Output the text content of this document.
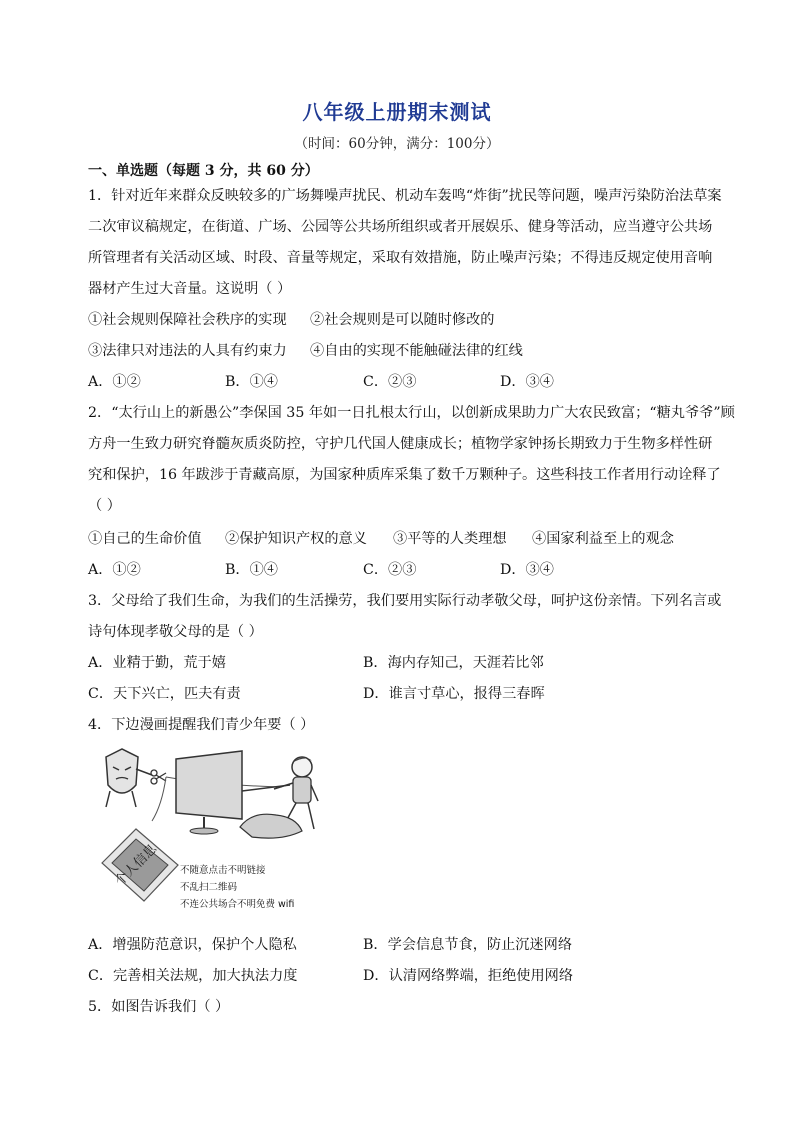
八年级上册期末测试
（时间：60分钟，满分：100分）
一、单选题（每题 3 分，共 60 分）
1．针对近年来群众反映较多的广场舞噪声扰民、机动车轰鸣“炸街”扰民等问题，噪声污染防治法草案
二次审议稿规定，在街道、广场、公园等公共场所组织或者开展娱乐、健身等活动，应当遵守公共场
所管理者有关活动区域、时段、音量等规定，采取有效措施，防止噪声污染；不得违反规定使用音响
器材产生过大音量。这说明（ ）
①社会规则保障社会秩序的实现 ②社会规则是可以随时修改的
③法律只对违法的人具有约束力 ④自由的实现不能触碰法律的红线
A．①②	B．①④	C．②③	D．③④
2．“太行山上的新愚公”李保国 35 年如一日扎根太行山，以创新成果助力广大农民致富；“糖丸爷爷”顾
方舟一生致力研究脊髓灰质炎防控，守护几代国人健康成长；植物学家钟扬长期致力于生物多样性研
究和保护，16 年跋涉于青藏高原，为国家种质库采集了数千万颗种子。这些科技工作者用行动诠释了
（ ）
①自己的生命价值 ②保护知识产权的意义 ③平等的人类理想 ④国家利益至上的观念
A．①②	B．①④	C．②③	D．③④
3．父母给了我们生命，为我们的生活操劳，我们要用实际行动孝敬父母，呵护这份亲情。下列名言或
诗句体现孝敬父母的是（ ）
A．业精于勤，荒于嬉	B．海内存知己，天涯若比邻
C．天下兴亡，匹夫有责	D．谁言寸草心，报得三春晖
4．下边漫画提醒我们青少年要（ ）
个人信息 不随意点击不明链接
不乱扫二维码
不连公共场合不明免费 wifi
A．增强防范意识，保护个人隐私	B．学会信息节食，防止沉迷网络
C．完善相关法规，加大执法力度	D．认清网络弊端，拒绝使用网络
5．如图告诉我们（ ）
